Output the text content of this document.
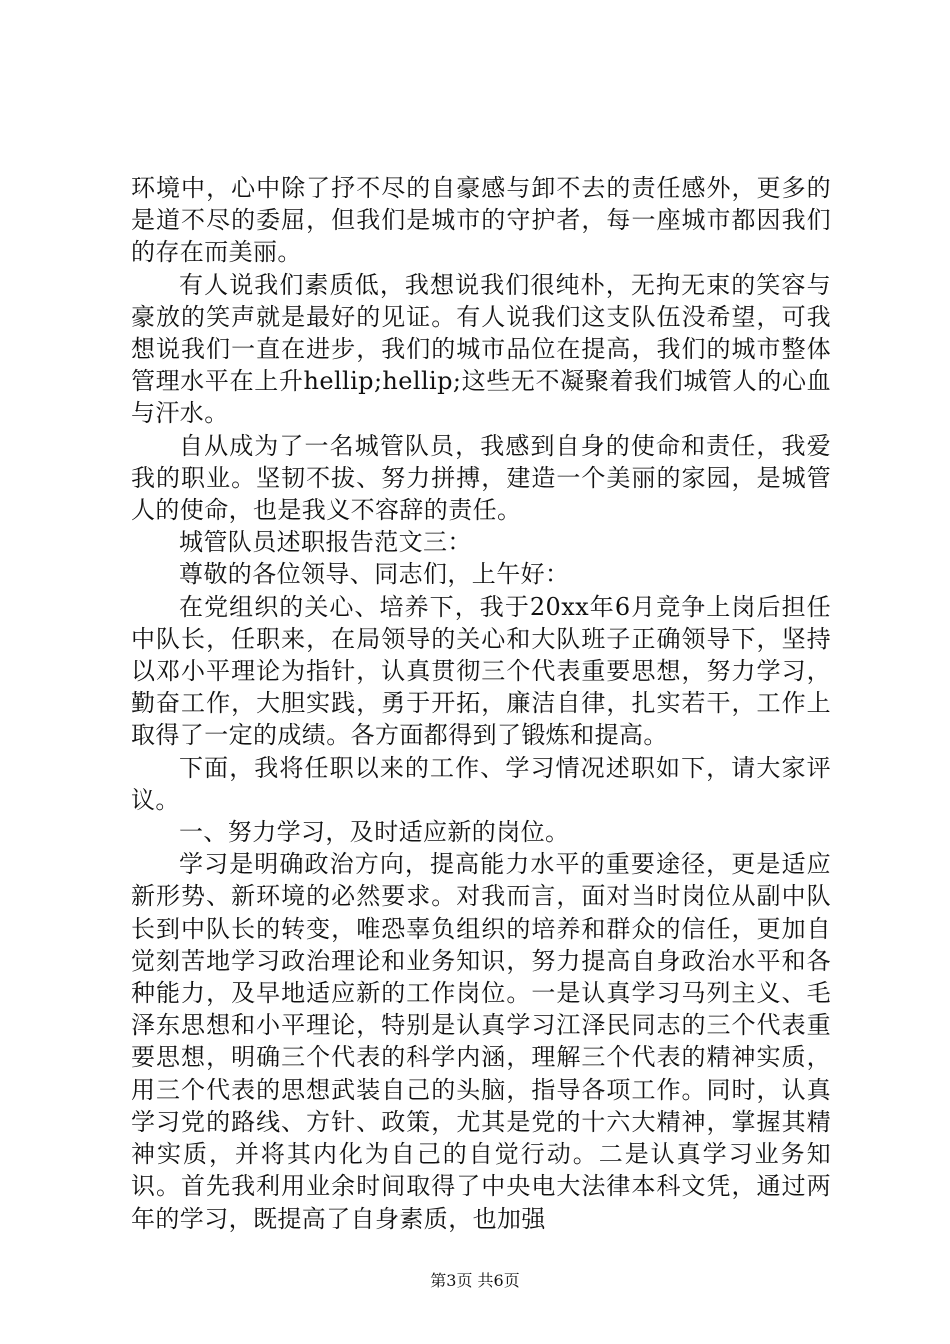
环境中，心中除了抒不尽的自豪感与卸不去的责任感外，更多的是道不尽的委屈，但我们是城市的守护者，每一座城市都因我们的存在而美丽。

有人说我们素质低，我想说我们很纯朴，无拘无束的笑容与豪放的笑声就是最好的见证。有人说我们这支队伍没希望，可我想说我们一直在进步，我们的城市品位在提高，我们的城市整体管理水平在上升hellip;hellip;这些无不凝聚着我们城管人的心血与汗水。

自从成为了一名城管队员，我感到自身的使命和责任，我爱我的职业。坚韧不拔、努力拼搏，建造一个美丽的家园，是城管人的使命，也是我义不容辞的责任。

城管队员述职报告范文三：

尊敬的各位领导、同志们，上午好：

在党组织的关心、培养下，我于20xx年6月竞争上岗后担任中队长，任职来，在局领导的关心和大队班子正确领导下，坚持以邓小平理论为指针，认真贯彻三个代表重要思想，努力学习，勤奋工作，大胆实践，勇于开拓，廉洁自律，扎实若干，工作上取得了一定的成绩。各方面都得到了锻炼和提高。

下面，我将任职以来的工作、学习情况述职如下，请大家评议。

一、努力学习，及时适应新的岗位。

学习是明确政治方向，提高能力水平的重要途径，更是适应新形势、新环境的必然要求。对我而言，面对当时岗位从副中队长到中队长的转变，唯恐辜负组织的培养和群众的信任，更加自觉刻苦地学习政治理论和业务知识，努力提高自身政治水平和各种能力，及早地适应新的工作岗位。一是认真学习马列主义、毛泽东思想和小平理论，特别是认真学习江泽民同志的三个代表重要思想，明确三个代表的科学内涵，理解三个代表的精神实质，用三个代表的思想武装自己的头脑，指导各项工作。同时，认真学习党的路线、方针、政策，尤其是党的十六大精神，掌握其精神实质，并将其内化为自己的自觉行动。二是认真学习业务知识。首先我利用业余时间取得了中央电大法律本科文凭，通过两年的学习，既提高了自身素质，也加强

第3页 共6页
